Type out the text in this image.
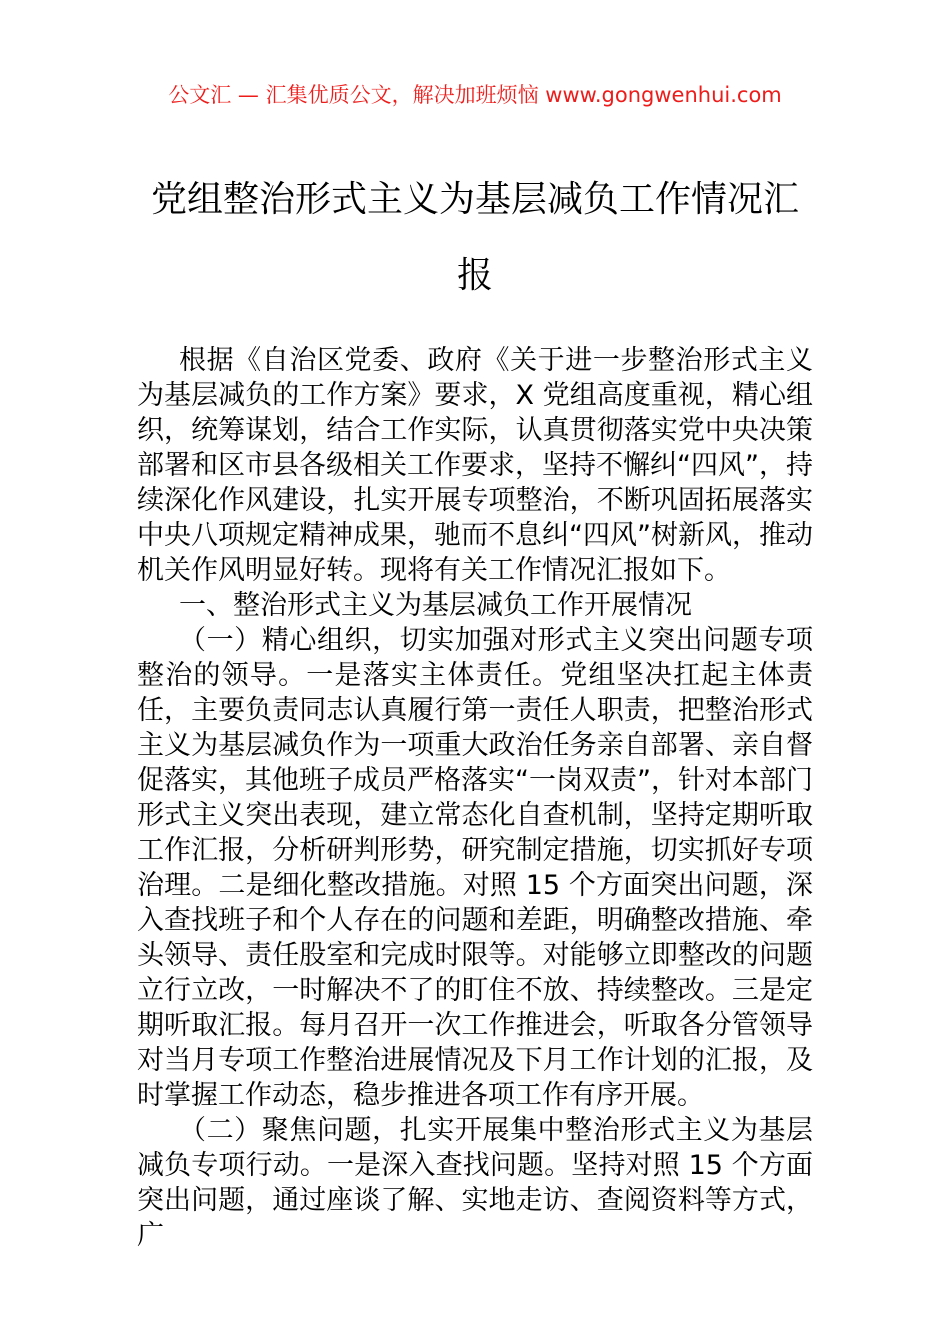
公文汇 — 汇集优质公文，解决加班烦恼 www.gongwenhui.com
党组整治形式主义为基层减负工作情况汇报

根据《自治区党委、政府《关于进一步整治形式主义为基层减负的工作方案》要求，X 党组高度重视，精心组织，统筹谋划，结合工作实际，认真贯彻落实党中央决策部署和区市县各级相关工作要求，坚持不懈纠“四风”，持续深化作风建设，扎实开展专项整治，不断巩固拓展落实中央八项规定精神成果，驰而不息纠“四风”树新风，推动机关作风明显好转。现将有关工作情况汇报如下。

一、整治形式主义为基层减负工作开展情况

（一）精心组织，切实加强对形式主义突出问题专项整治的领导。一是落实主体责任。党组坚决扛起主体责任，主要负责同志认真履行第一责任人职责，把整治形式主义为基层减负作为一项重大政治任务亲自部署、亲自督促落实，其他班子成员严格落实“一岗双责”，针对本部门形式主义突出表现，建立常态化自查机制，坚持定期听取工作汇报，分析研判形势，研究制定措施，切实抓好专项治理。二是细化整改措施。对照 15 个方面突出问题，深入查找班子和个人存在的问题和差距，明确整改措施、牵头领导、责任股室和完成时限等。对能够立即整改的问题立行立改，一时解决不了的盯住不放、持续整改。三是定期听取汇报。每月召开一次工作推进会，听取各分管领导对当月专项工作整治进展情况及下月工作计划的汇报，及时掌握工作动态，稳步推进各项工作有序开展。

（二）聚焦问题，扎实开展集中整治形式主义为基层减负专项行动。一是深入查找问题。坚持对照 15 个方面突出问题，通过座谈了解、实地走访、查阅资料等方式，广
